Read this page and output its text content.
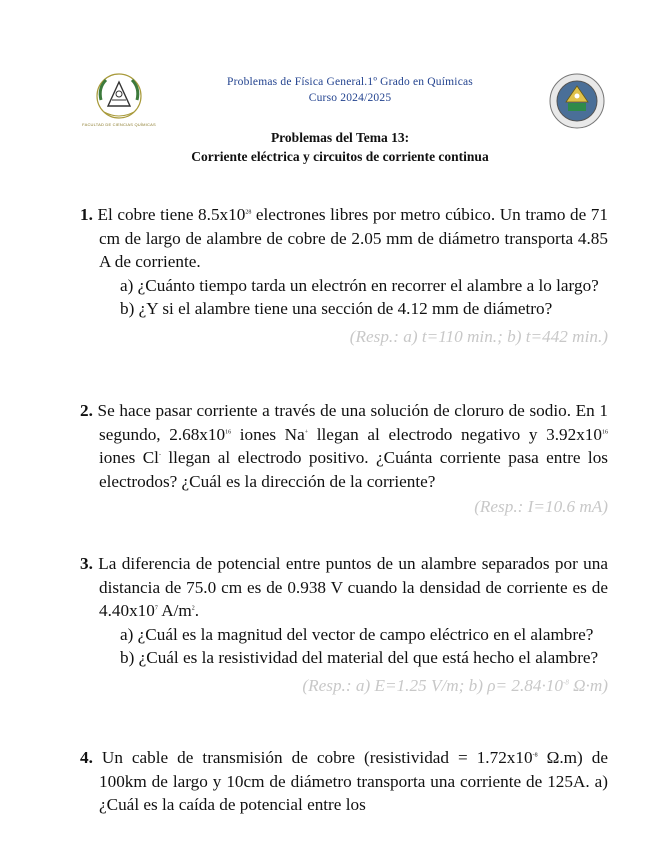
FACULTAD DE CIENCIAS QUÍMICAS
Problemas de Física General.1º Grado en Químicas
Curso 2024/2025
Problemas del Tema 13:
Corriente eléctrica y circuitos de corriente continua

1. El cobre tiene $8.5x10^{28}$ electrones libres por metro cúbico. Un tramo de 71 cm de largo de alambre de cobre de 2.05 mm de diámetro transporta 4.85 A de corriente.

a) ¿Cuánto tiempo tarda un electrón en recorrer el alambre a lo largo?

b) ¿Y si el alambre tiene una sección de 4.12 mm de diámetro?

(Resp.: a) t=110 min.; b) t=442 min.)

2. Se hace pasar corriente a través de una solución de cloruro de sodio. En 1 segundo, $2.68x10^{16}$ iones Na+ llegan al electrodo negativo y $3.92x10^{16}$ iones Cl- llegan al electrodo positivo. ¿Cuánta corriente pasa entre los electrodos? ¿Cuál es la dirección de la corriente?

(Resp.: I=10.6 mA)

3. La diferencia de potencial entre puntos de un alambre separados por una distancia de 75.0 cm es de 0.938 V cuando la densidad de corriente es de $4.40x10^7$ $A/m^2$.

a) ¿Cuál es la magnitud del vector de campo eléctrico en el alambre?

b) ¿Cuál es la resistividad del material del que está hecho el alambre?

(Resp.: a) E=1.25 V/m; b) $\rho= 2.84\cdot 10^{-8}$ Ω·m)

4. Un cable de transmisión de cobre (resistividad = $1.72x10^{-8}$ Ω.m) de 100km de largo y 10cm de diámetro transporta una corriente de 125A. a) ¿Cuál es la caída de potencial entre los
